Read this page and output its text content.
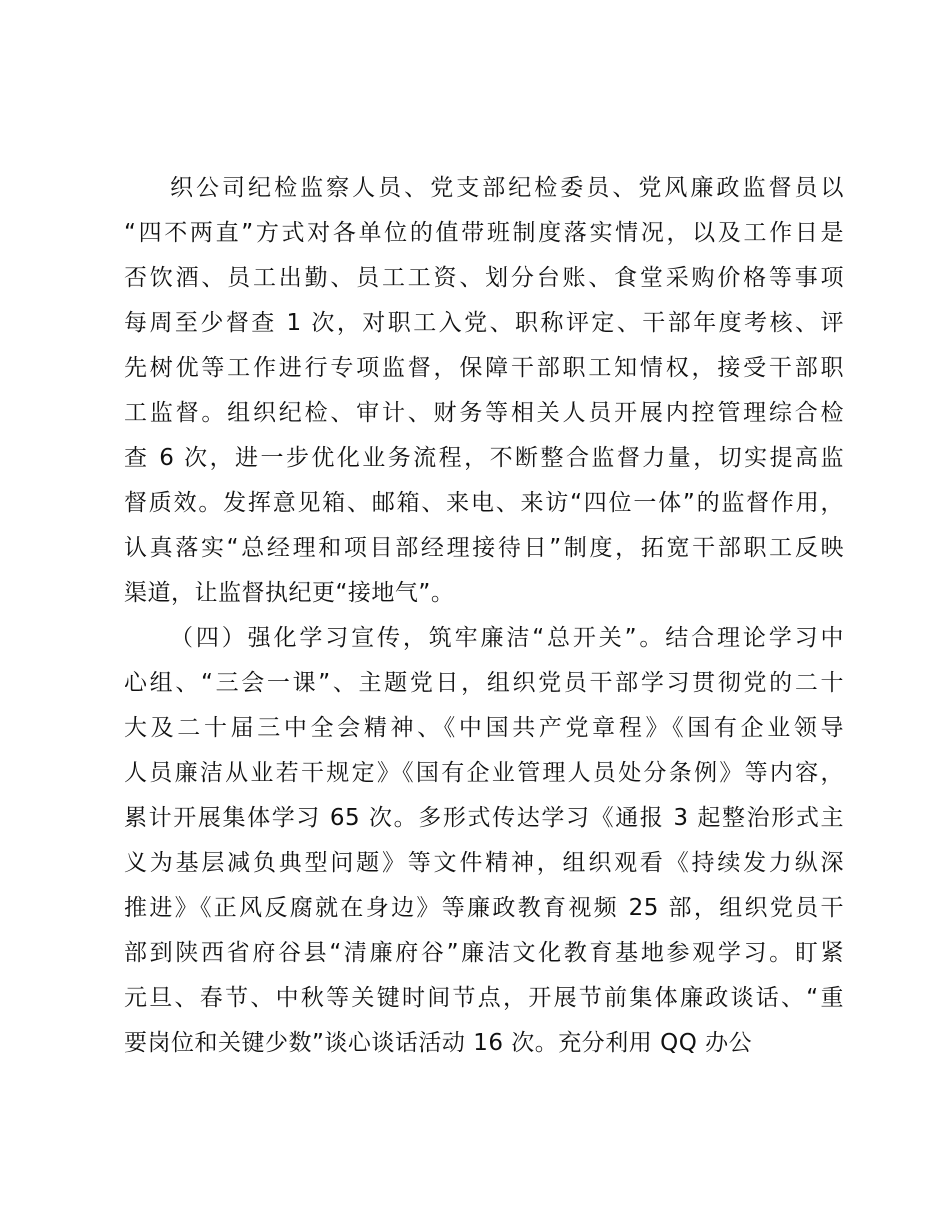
织公司纪检监察人员、党支部纪检委员、党风廉政监督员以
“四不两直”方式对各单位的值带班制度落实情况，以及工作日是
否饮酒、员工出勤、员工工资、划分台账、食堂采购价格等事项
每周至少督查 1 次，对职工入党、职称评定、干部年度考核、评
先树优等工作进行专项监督，保障干部职工知情权，接受干部职
工监督。组织纪检、审计、财务等相关人员开展内控管理综合检
查 6 次，进一步优化业务流程，不断整合监督力量，切实提高监
督质效。发挥意见箱、邮箱、来电、来访“四位一体”的监督作用，
认真落实“总经理和项目部经理接待日”制度，拓宽干部职工反映
渠道，让监督执纪更“接地气”。
（四）强化学习宣传，筑牢廉洁“总开关”。结合理论学习中
心组、“三会一课”、主题党日，组织党员干部学习贯彻党的二十
大及二十届三中全会精神、《中国共产党章程》《国有企业领导
人员廉洁从业若干规定》《国有企业管理人员处分条例》等内容，
累计开展集体学习 65 次。多形式传达学习《通报 3 起整治形式主
义为基层减负典型问题》等文件精神，组织观看《持续发力纵深
推进》《正风反腐就在身边》等廉政教育视频 25 部，组织党员干
部到陕西省府谷县“清廉府谷”廉洁文化教育基地参观学习。盯紧
元旦、春节、中秋等关键时间节点，开展节前集体廉政谈话、“重
要岗位和关键少数”谈心谈话活动 16 次。充分利用 QQ 办公
